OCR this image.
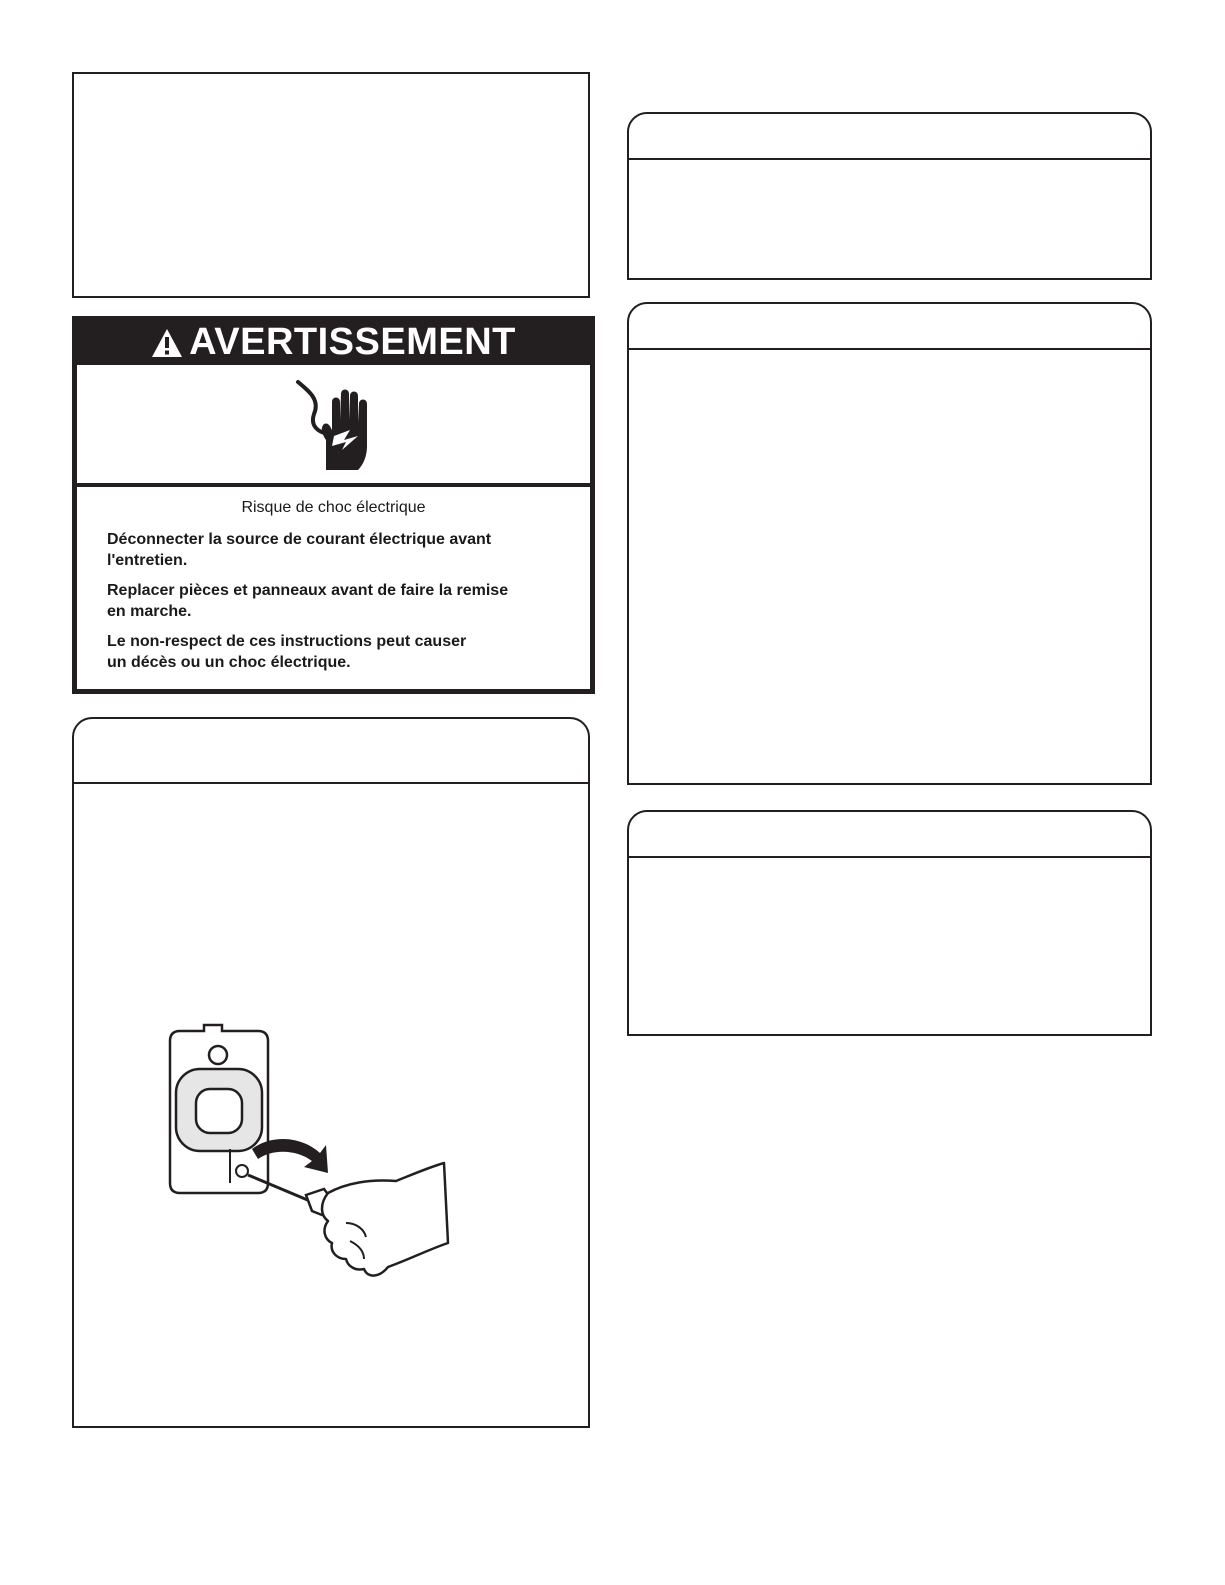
AVERTISSEMENT

Risque de choc électrique

Déconnecter la source de courant électrique avant
l'entretien.

Replacer pièces et panneaux avant de faire la remise
en marche.

Le non-respect de ces instructions peut causer
un décès ou un choc électrique.
